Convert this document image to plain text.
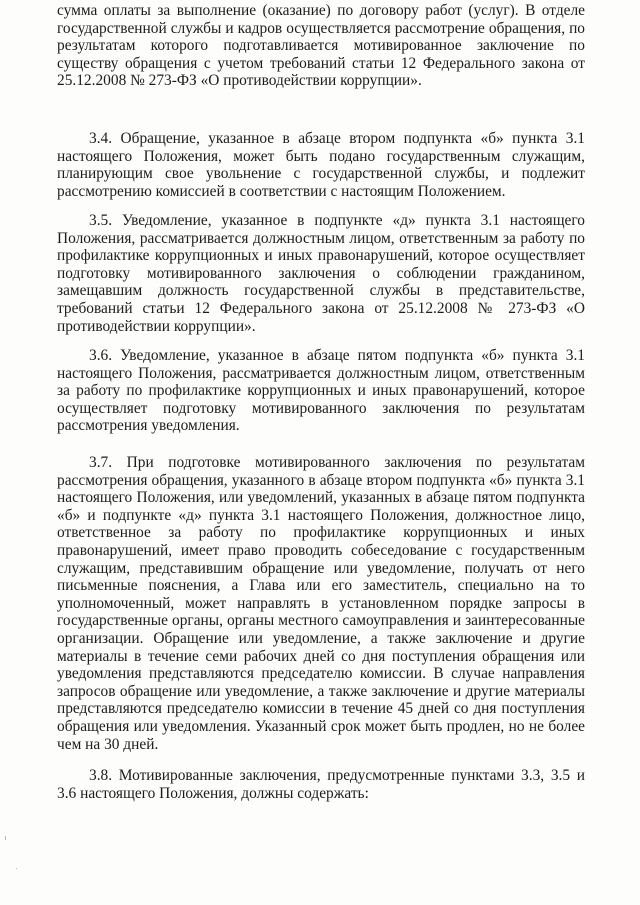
сумма оплаты за выполнение (оказание) по договору работ (услуг). В отделе государственной службы и кадров осуществляется рассмотрение обращения, по результатам которого подготавливается мотивированное заключение по существу обращения с учетом требований статьи 12 Федерального закона от 25.12.2008 № 273-ФЗ «О противодействии коррупции».

3.4. Обращение, указанное в абзаце втором подпункта «б» пункта 3.1 настоящего Положения, может быть подано государственным служащим, планирующим свое увольнение с государственной службы, и подлежит рассмотрению комиссией в соответствии с настоящим Положением.

3.5. Уведомление, указанное в подпункте «д» пункта 3.1 настоящего Положения, рассматривается должностным лицом, ответственным за работу по профилактике коррупционных и иных правонарушений, которое осуществляет подготовку мотивированного заключения о соблюдении гражданином, замещавшим должность государственной службы в представительстве, требований статьи 12 Федерального закона от 25.12.2008 № 273-ФЗ «О противодействии коррупции».

3.6. Уведомление, указанное в абзаце пятом подпункта «б» пункта 3.1 настоящего Положения, рассматривается должностным лицом, ответственным за работу по профилактике коррупционных и иных правонарушений, которое осуществляет подготовку мотивированного заключения по результатам рассмотрения уведомления.

3.7. При подготовке мотивированного заключения по результатам рассмотрения обращения, указанного в абзаце втором подпункта «б» пункта 3.1 настоящего Положения, или уведомлений, указанных в абзаце пятом подпункта «б» и подпункте «д» пункта 3.1 настоящего Положения, должностное лицо, ответственное за работу по профилактике коррупционных и иных правонарушений, имеет право проводить собеседование с государственным служащим, представившим обращение или уведомление, получать от него письменные пояснения, а Глава или его заместитель, специально на то уполномоченный, может направлять в установленном порядке запросы в государственные органы, органы местного самоуправления и заинтересованные организации. Обращение или уведомление, а также заключение и другие материалы в течение семи рабочих дней со дня поступления обращения или уведомления представляются председателю комиссии. В случае направления запросов обращение или уведомление, а также заключение и другие материалы представляются председателю комиссии в течение 45 дней со дня поступления обращения или уведомления. Указанный срок может быть продлен, но не более чем на 30 дней.

3.8. Мотивированные заключения, предусмотренные пунктами 3.3, 3.5 и 3.6 настоящего Положения, должны содержать:
